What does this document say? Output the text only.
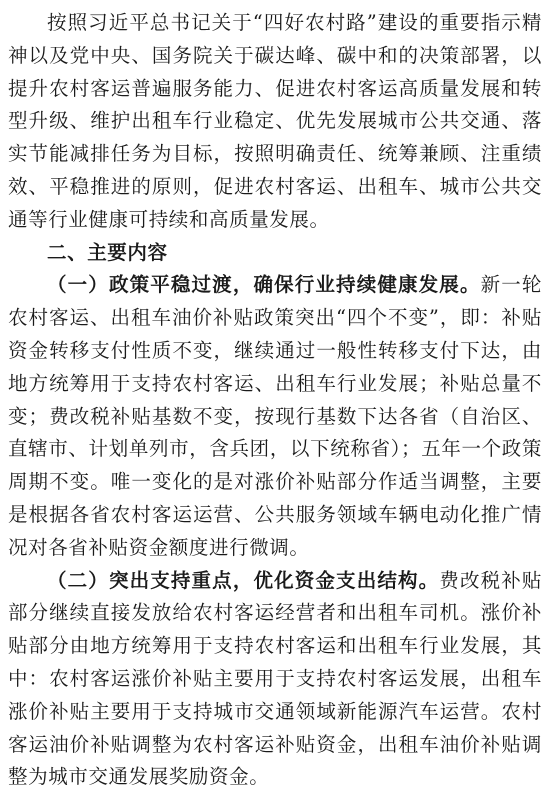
按照习近平总书记关于“四好农村路”建设的重要指示精神以及党中央、国务院关于碳达峰、碳中和的决策部署，以提升农村客运普遍服务能力、促进农村客运高质量发展和转型升级、维护出租车行业稳定、优先发展城市公共交通、落实节能减排任务为目标，按照明确责任、统筹兼顾、注重绩效、平稳推进的原则，促进农村客运、出租车、城市公共交通等行业健康可持续和高质量发展。

二、主要内容

（一）政策平稳过渡，确保行业持续健康发展。新一轮农村客运、出租车油价补贴政策突出“四个不变”，即：补贴资金转移支付性质不变，继续通过一般性转移支付下达，由地方统筹用于支持农村客运、出租车行业发展；补贴总量不变；费改税补贴基数不变，按现行基数下达各省（自治区、直辖市、计划单列市，含兵团，以下统称省）；五年一个政策周期不变。唯一变化的是对涨价补贴部分作适当调整，主要是根据各省农村客运运营、公共服务领域车辆电动化推广情况对各省补贴资金额度进行微调。

（二）突出支持重点，优化资金支出结构。费改税补贴部分继续直接发放给农村客运经营者和出租车司机。涨价补贴部分由地方统筹用于支持农村客运和出租车行业发展，其中：农村客运涨价补贴主要用于支持农村客运发展，出租车涨价补贴主要用于支持城市交通领域新能源汽车运营。农村客运油价补贴调整为农村客运补贴资金，出租车油价补贴调整为城市交通发展奖励资金。
